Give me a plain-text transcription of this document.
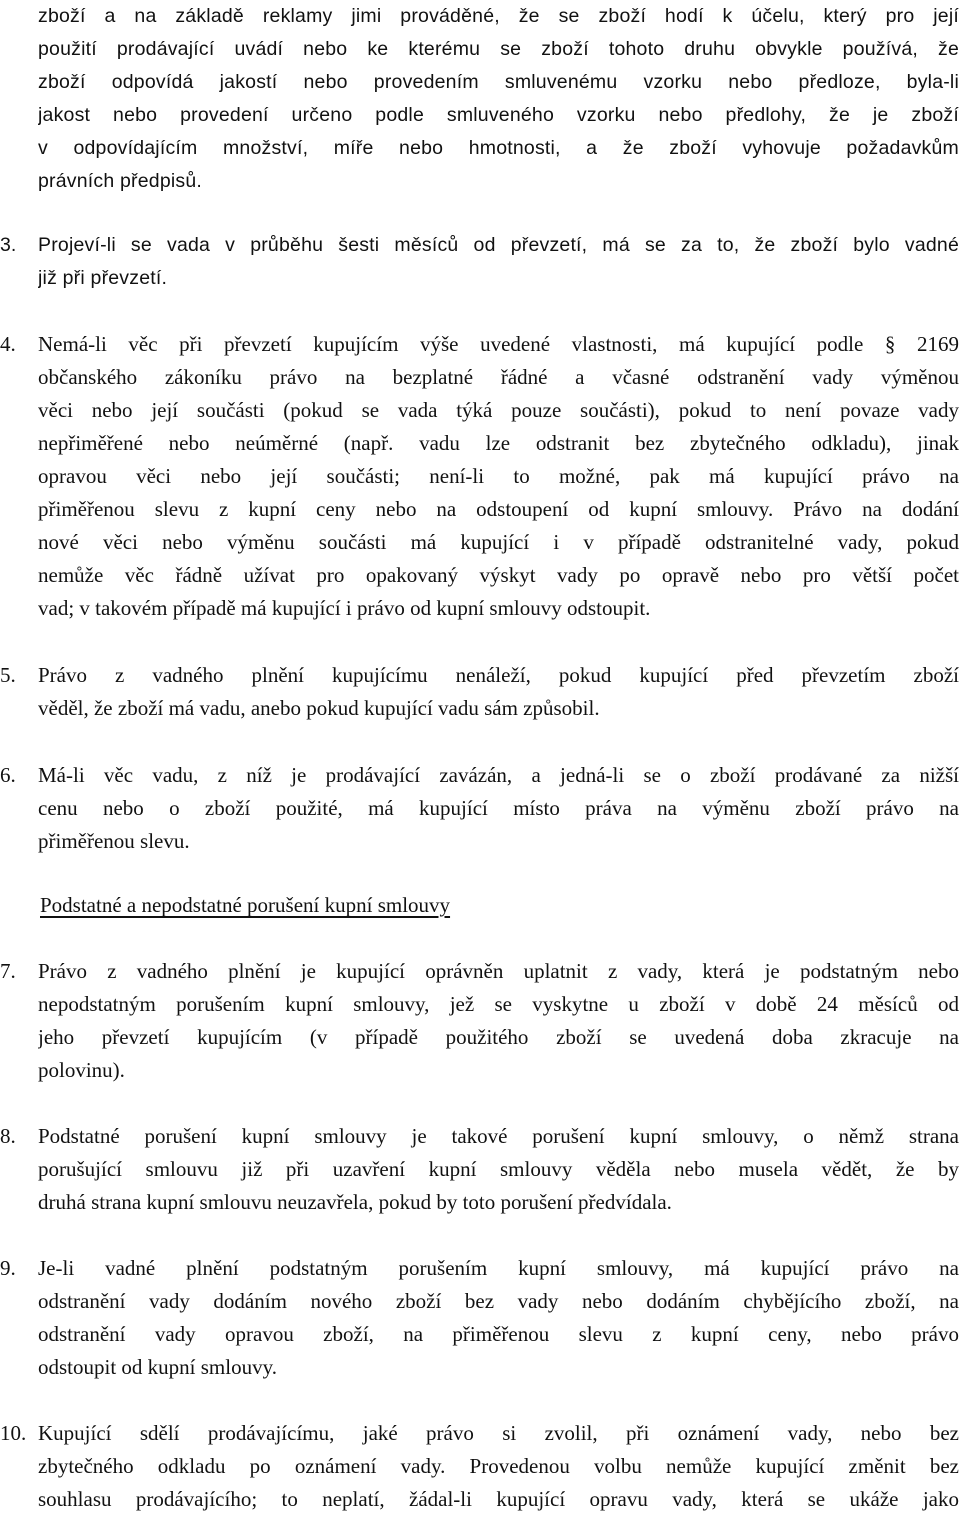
zboží a na základě reklamy jimi prováděné, že se zboží hodí k účelu, který pro její
použití prodávající uvádí nebo ke kterému se zboží tohoto druhu obvykle používá, že
zboží odpovídá jakostí nebo provedením smluvenému vzorku nebo předloze, byla-li
jakost nebo provedení určeno podle smluveného vzorku nebo předlohy, že je zboží
v odpovídajícím množství, míře nebo hmotnosti, a že zboží vyhovuje požadavkům
právních předpisů.
3. Projeví-li se vada v průběhu šesti měsíců od převzetí, má se za to, že zboží bylo vadné
již při převzetí.
4. Nemá-li věc při převzetí kupujícím výše uvedené vlastnosti, má kupující podle § 2169
občanského zákoníku právo na bezplatné řádné a včasné odstranění vady výměnou
věci nebo její součásti (pokud se vada týká pouze součásti), pokud to není povaze vady
nepřiměřené nebo neúměrné (např. vadu lze odstranit bez zbytečného odkladu), jinak
opravou věci nebo její součásti; není-li to možné, pak má kupující právo na
přiměřenou slevu z kupní ceny nebo na odstoupení od kupní smlouvy. Právo na dodání
nové věci nebo výměnu součásti má kupující i v případě odstranitelné vady, pokud
nemůže věc řádně užívat pro opakovaný výskyt vady po opravě nebo pro větší počet
vad; v takovém případě má kupující i právo od kupní smlouvy odstoupit.
5. Právo z vadného plnění kupujícímu nenáleží, pokud kupující před převzetím zboží
věděl, že zboží má vadu, anebo pokud kupující vadu sám způsobil.
6. Má-li věc vadu, z níž je prodávající zavázán, a jedná-li se o zboží prodávané za nižší
cenu nebo o zboží použité, má kupující místo práva na výměnu zboží právo na
přiměřenou slevu.
Podstatné a nepodstatné porušení kupní smlouvy
7. Právo z vadného plnění je kupující oprávněn uplatnit z vady, která je podstatným nebo
nepodstatným porušením kupní smlouvy, jež se vyskytne u zboží v době 24 měsíců od
jeho převzetí kupujícím (v případě použitého zboží se uvedená doba zkracuje na
polovinu).
8. Podstatné porušení kupní smlouvy je takové porušení kupní smlouvy, o němž strana
porušující smlouvu již při uzavření kupní smlouvy věděla nebo musela vědět, že by
druhá strana kupní smlouvu neuzavřela, pokud by toto porušení předvídala.
9. Je-li vadné plnění podstatným porušením kupní smlouvy, má kupující právo na
odstranění vady dodáním nového zboží bez vady nebo dodáním chybějícího zboží, na
odstranění vady opravou zboží, na přiměřenou slevu z kupní ceny, nebo právo
odstoupit od kupní smlouvy.
10. Kupující sdělí prodávajícímu, jaké právo si zvolil, při oznámení vady, nebo bez
zbytečného odkladu po oznámení vady. Provedenou volbu nemůže kupující změnit bez
souhlasu prodávajícího; to neplatí, žádal-li kupující opravu vady, která se ukáže jako
